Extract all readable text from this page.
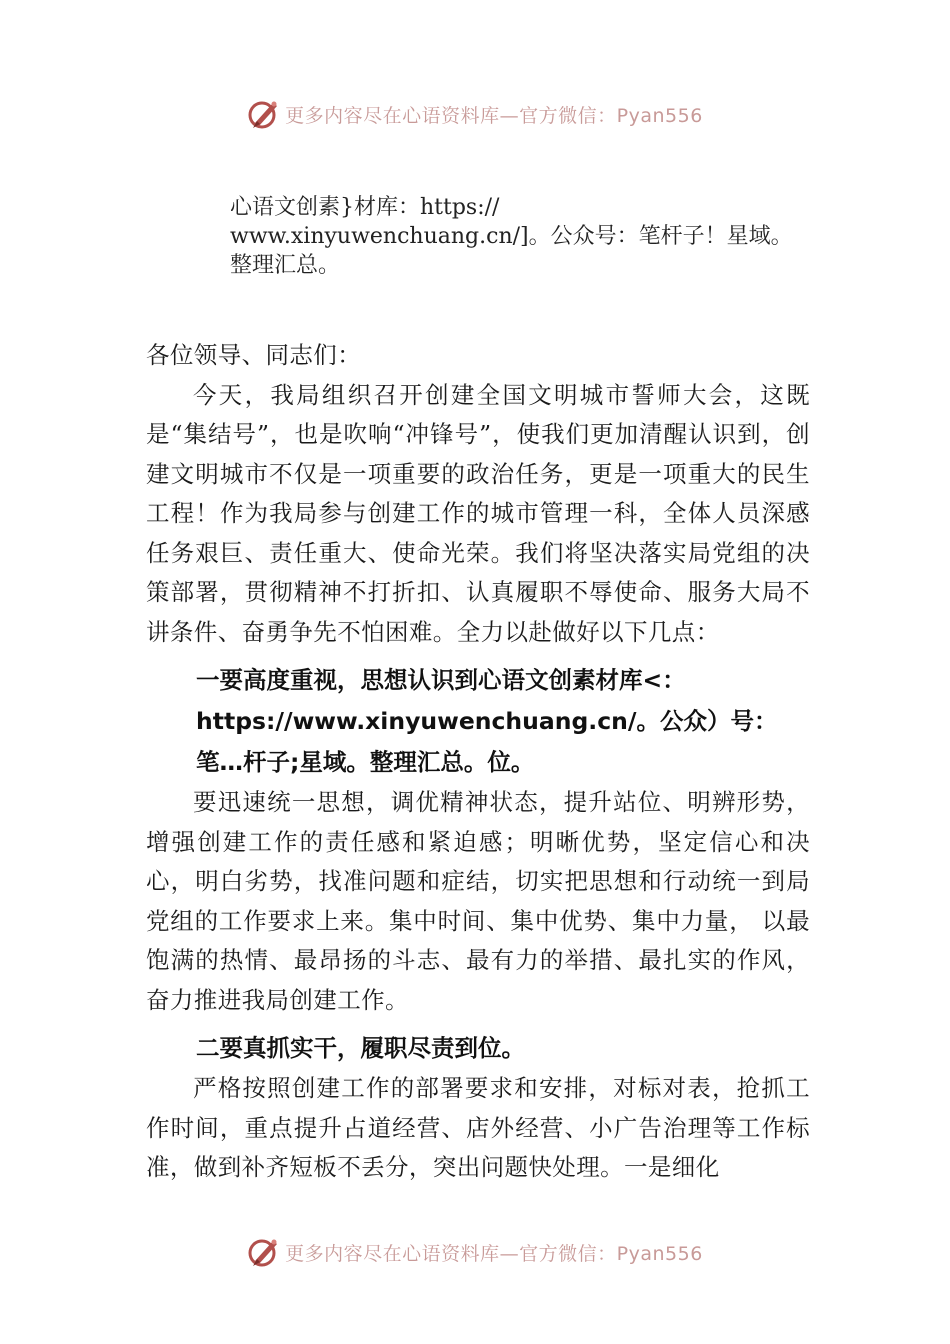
更多内容尽在心语资料库—官方微信：Pyan556
心语文创素}材库：https://
www.xinyuwenchuang.cn/]。公众号：笔杆子！星域。
整理汇总。

各位领导、同志们：

今天，我局组织召开创建全国文明城市誓师大会，这既是“集结号”，也是吹响“冲锋号”，使我们更加清醒认识到，创建文明城市不仅是一项重要的政治任务，更是一项重大的民生工程！作为我局参与创建工作的城市管理一科，全体人员深感任务艰巨、责任重大、使命光荣。我们将坚决落实局党组的决策部署，贯彻精神不打折扣、认真履职不辱使命、服务大局不讲条件、奋勇争先不怕困难。全力以赴做好以下几点：

一要高度重视，思想认识到心语文创素材库<：
https://www.xinyuwenchuang.cn/。公众）号：
笔…杆子;星域。整理汇总。位。

要迅速统一思想，调优精神状态，提升站位、明辨形势，增强创建工作的责任感和紧迫感；明晰优势，坚定信心和决心，明白劣势，找准问题和症结，切实把思想和行动统一到局党组的工作要求上来。集中时间、集中优势、集中力量， 以最饱满的热情、最昂扬的斗志、最有力的举措、最扎实的作风，奋力推进我局创建工作。

二要真抓实干，履职尽责到位。

严格按照创建工作的部署要求和安排，对标对表，抢抓工作时间，重点提升占道经营、店外经营、小广告治理等工作标准，做到补齐短板不丢分，突出问题快处理。一是细化

更多内容尽在心语资料库—官方微信：Pyan556
